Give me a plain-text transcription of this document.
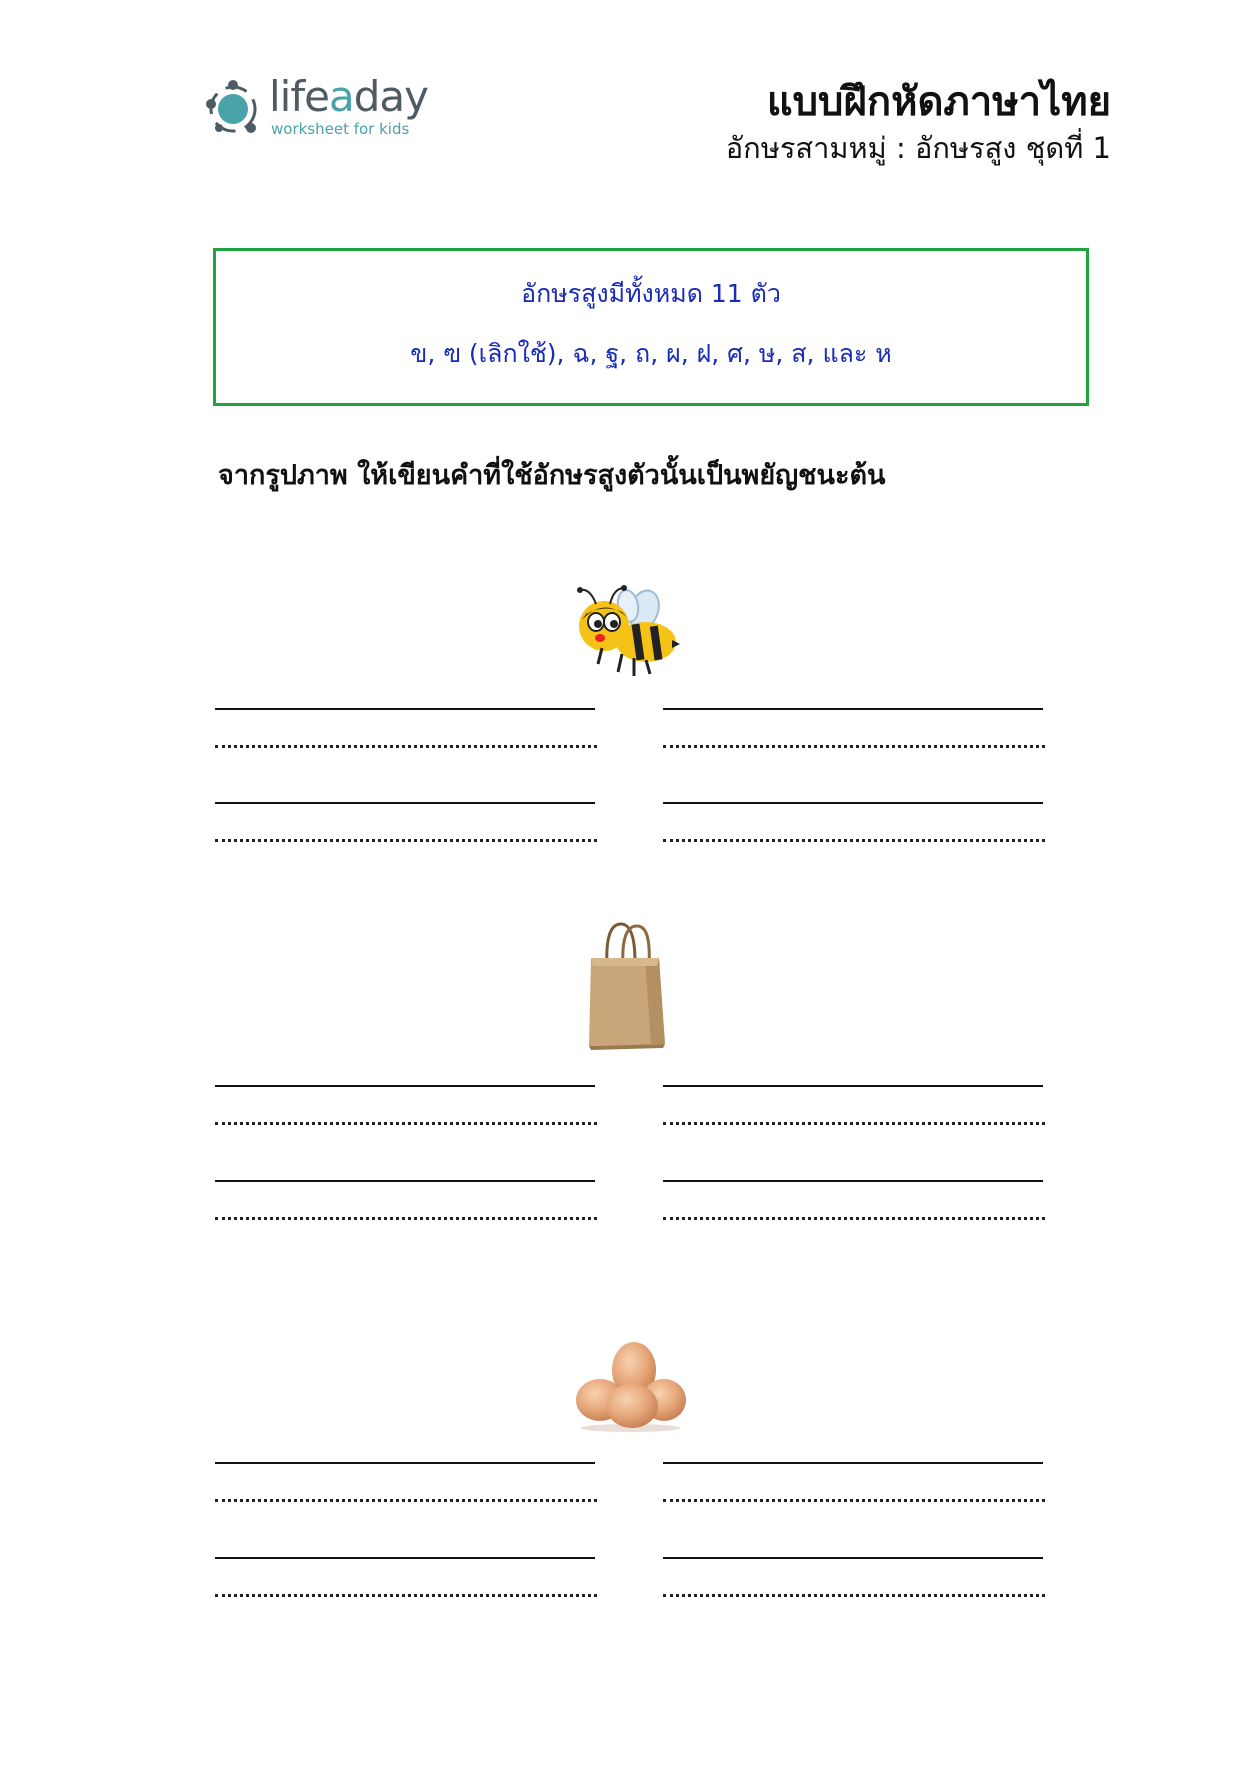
lifeaday
worksheet for kids
แบบฝึกหัดภาษาไทย
อักษรสามหมู่ : อักษรสูง ชุดที่ 1
อักษรสูงมีทั้งหมด 11 ตัว
ข, ฃ (เลิกใช้), ฉ, ฐ, ถ, ผ, ฝ, ศ, ษ, ส, และ ห
จากรูปภาพ ให้เขียนคำที่ใช้อักษรสูงตัวนั้นเป็นพยัญชนะต้น
